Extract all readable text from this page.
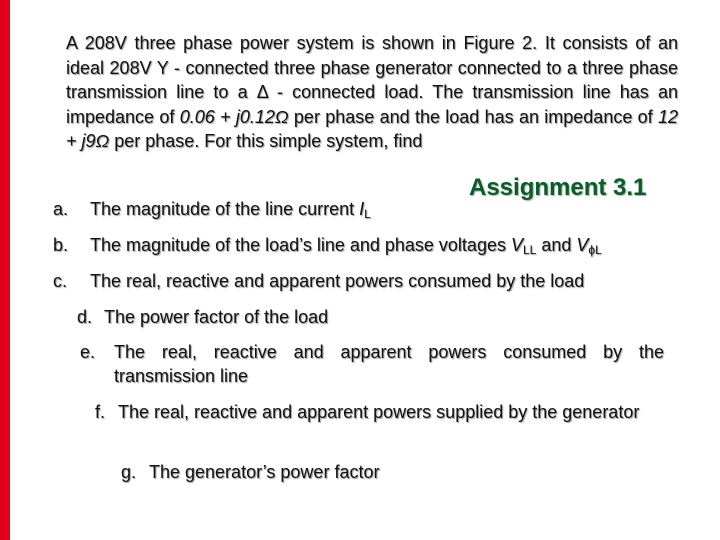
A 208V three phase power system is shown in Figure 2. It consists of an ideal 208V Y - connected three phase generator connected to a three phase transmission line to a Δ - connected load. The transmission line has an impedance of 0.06 + j0.12Ω per phase and the load has an impedance of 12 + j9Ω per phase. For this simple system, find

Assignment 3.1
a. The magnitude of the line current $I_L$
b. The magnitude of the load’s line and phase voltages $V_{LL}$ and $V_{\phi L}$
c. The real, reactive and apparent powers consumed by the load
d. The power factor of the load
e.	The real, reactive and apparent powers consumed by the transmission line
f. The real, reactive and apparent powers supplied by the generator
g. The generator’s power factor
